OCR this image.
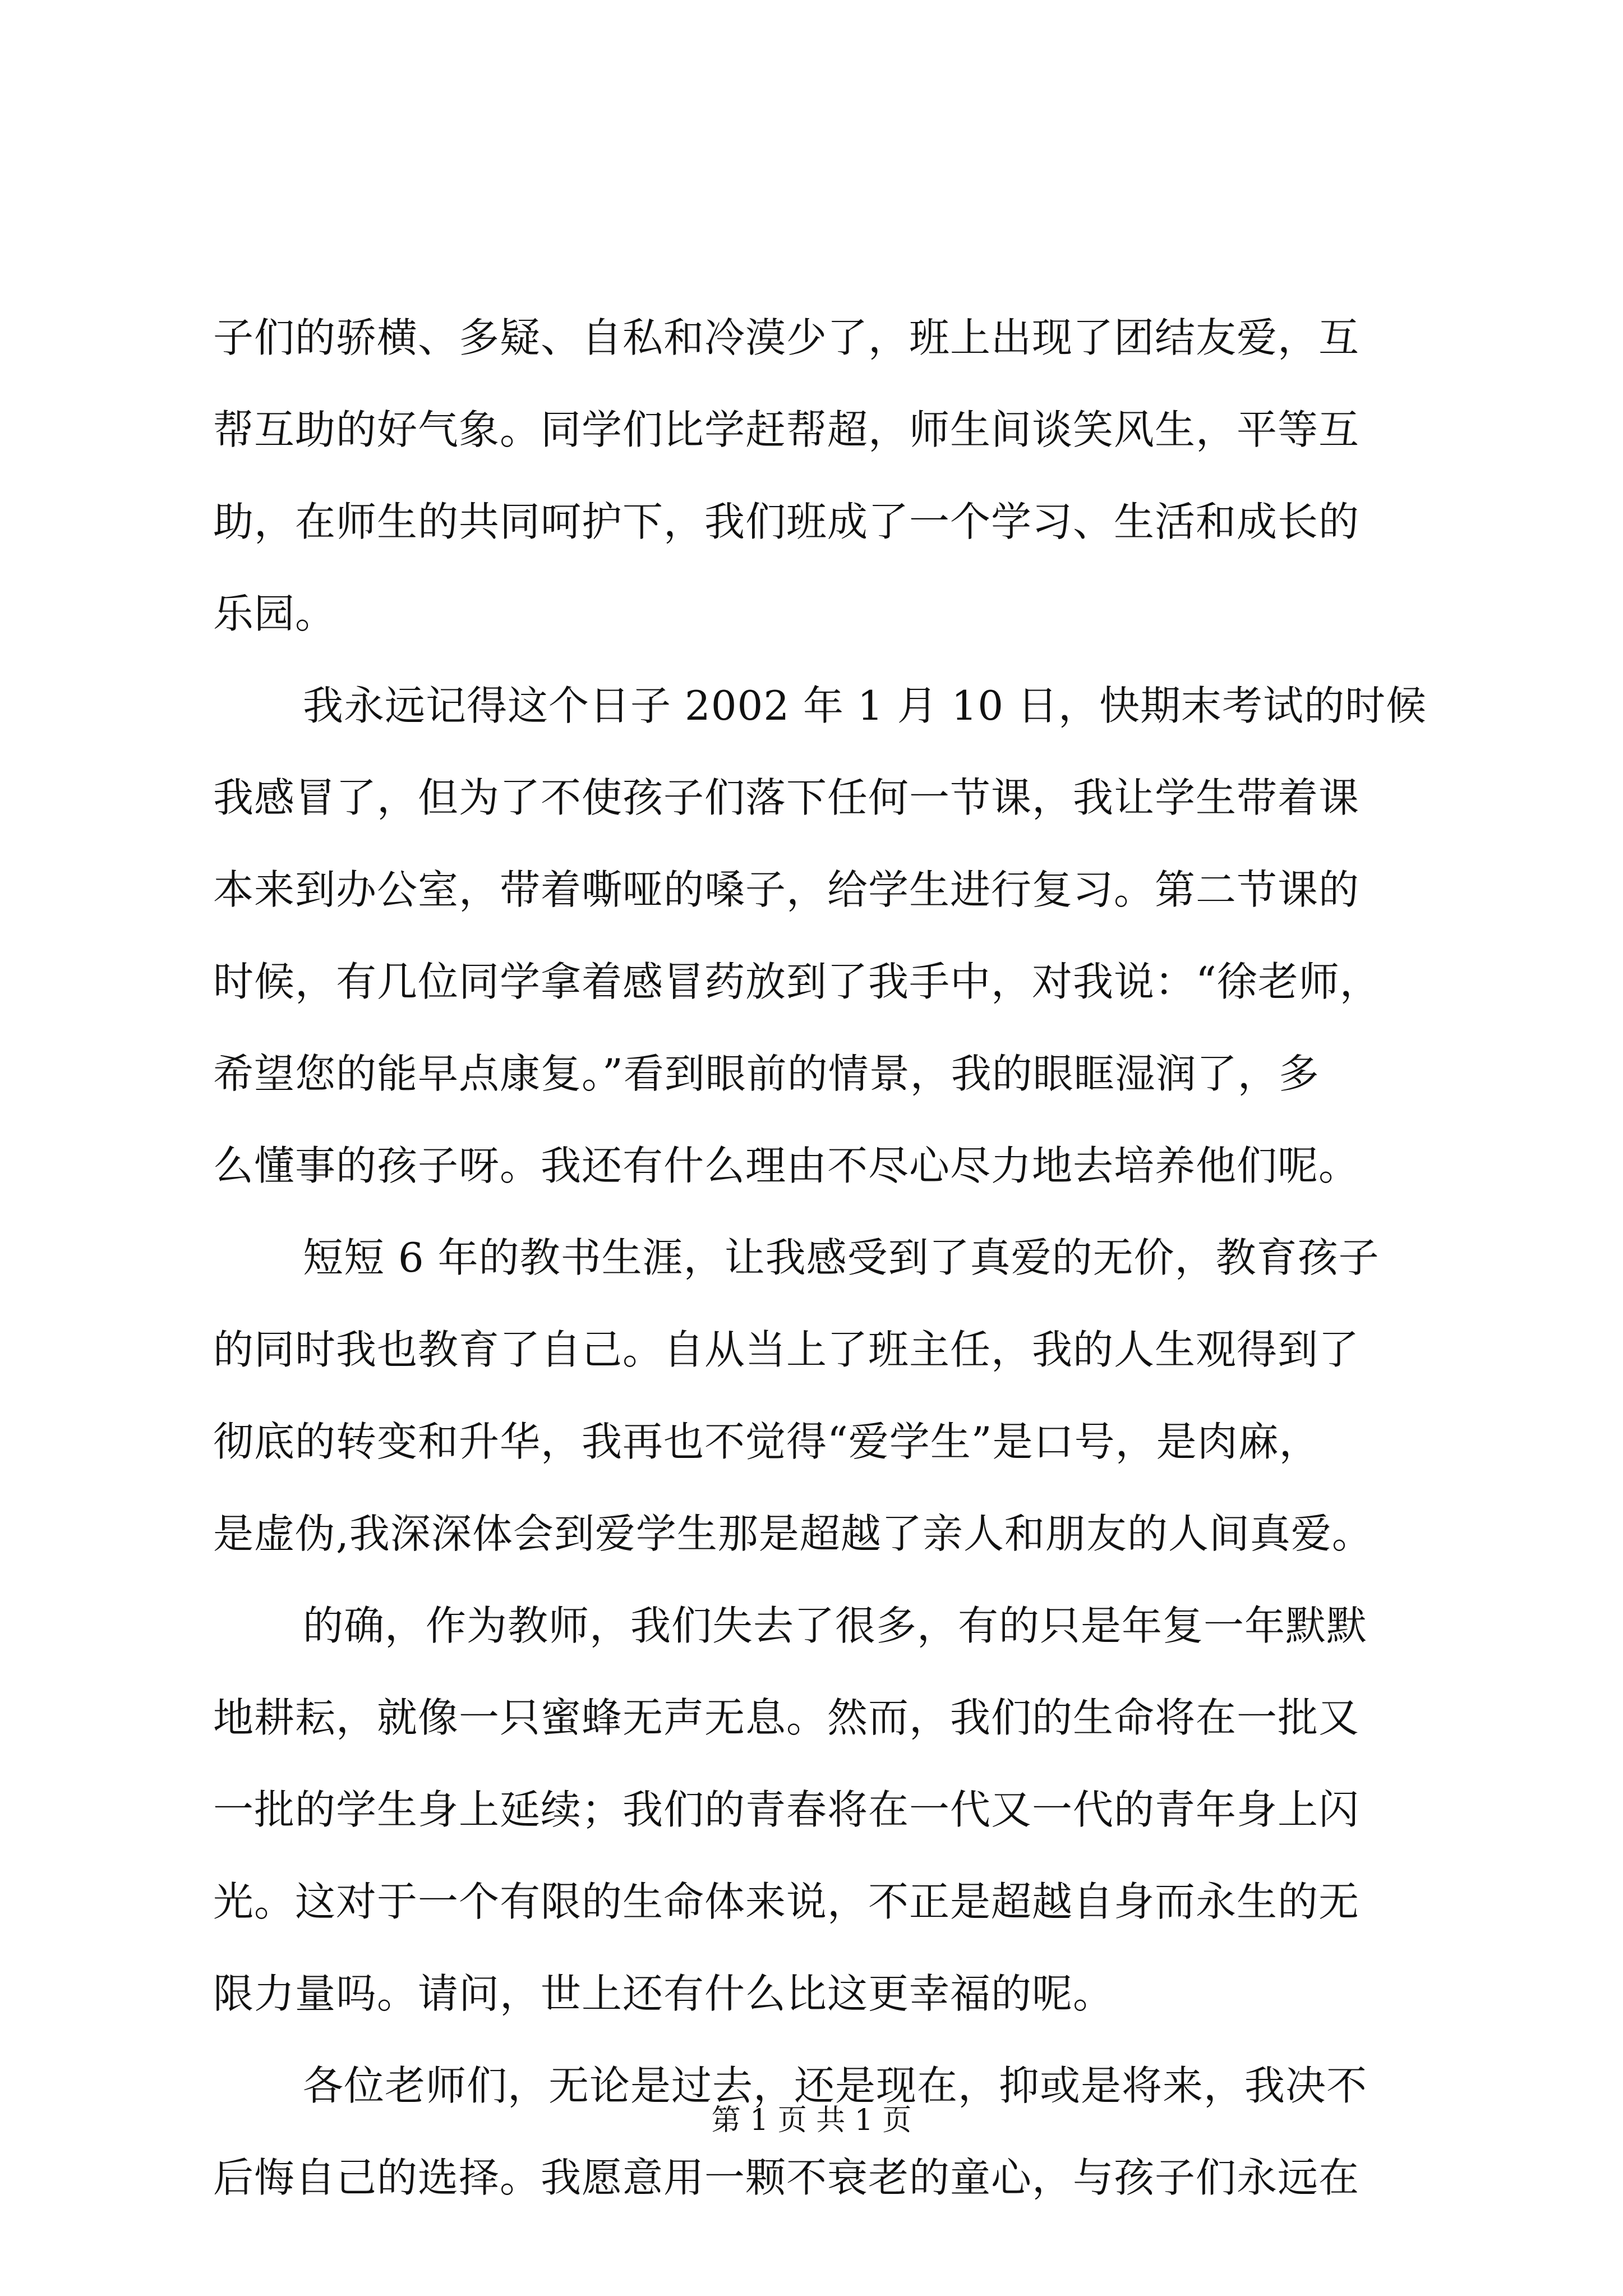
子们的骄横、多疑、自私和冷漠少了，班上出现了团结友爱，互
帮互助的好气象。同学们比学赶帮超，师生间谈笑风生，平等互
助，在师生的共同呵护下，我们班成了一个学习、生活和成长的
乐园。
我永远记得这个日子 2002 年 1 月 10 日，快期末考试的时候
我感冒了，但为了不使孩子们落下任何一节课，我让学生带着课
本来到办公室，带着嘶哑的嗓子，给学生进行复习。第二节课的
时候，有几位同学拿着感冒药放到了我手中，对我说：“徐老师，
希望您的能早点康复。”看到眼前的情景，我的眼眶湿润了，多
么懂事的孩子呀。我还有什么理由不尽心尽力地去培养他们呢。
短短 6 年的教书生涯，让我感受到了真爱的无价，教育孩子
的同时我也教育了自己。自从当上了班主任，我的人生观得到了
彻底的转变和升华，我再也不觉得“爱学生”是口号，是肉麻，
是虚伪,我深深体会到爱学生那是超越了亲人和朋友的人间真爱。
的确，作为教师，我们失去了很多，有的只是年复一年默默
地耕耘，就像一只蜜蜂无声无息。然而，我们的生命将在一批又
一批的学生身上延续；我们的青春将在一代又一代的青年身上闪
光。这对于一个有限的生命体来说，不正是超越自身而永生的无
限力量吗。请问，世上还有什么比这更幸福的呢。
各位老师们，无论是过去，还是现在，抑或是将来，我决不
后悔自己的选择。我愿意用一颗不衰老的童心，与孩子们永远在
第 1 页 共 1 页
